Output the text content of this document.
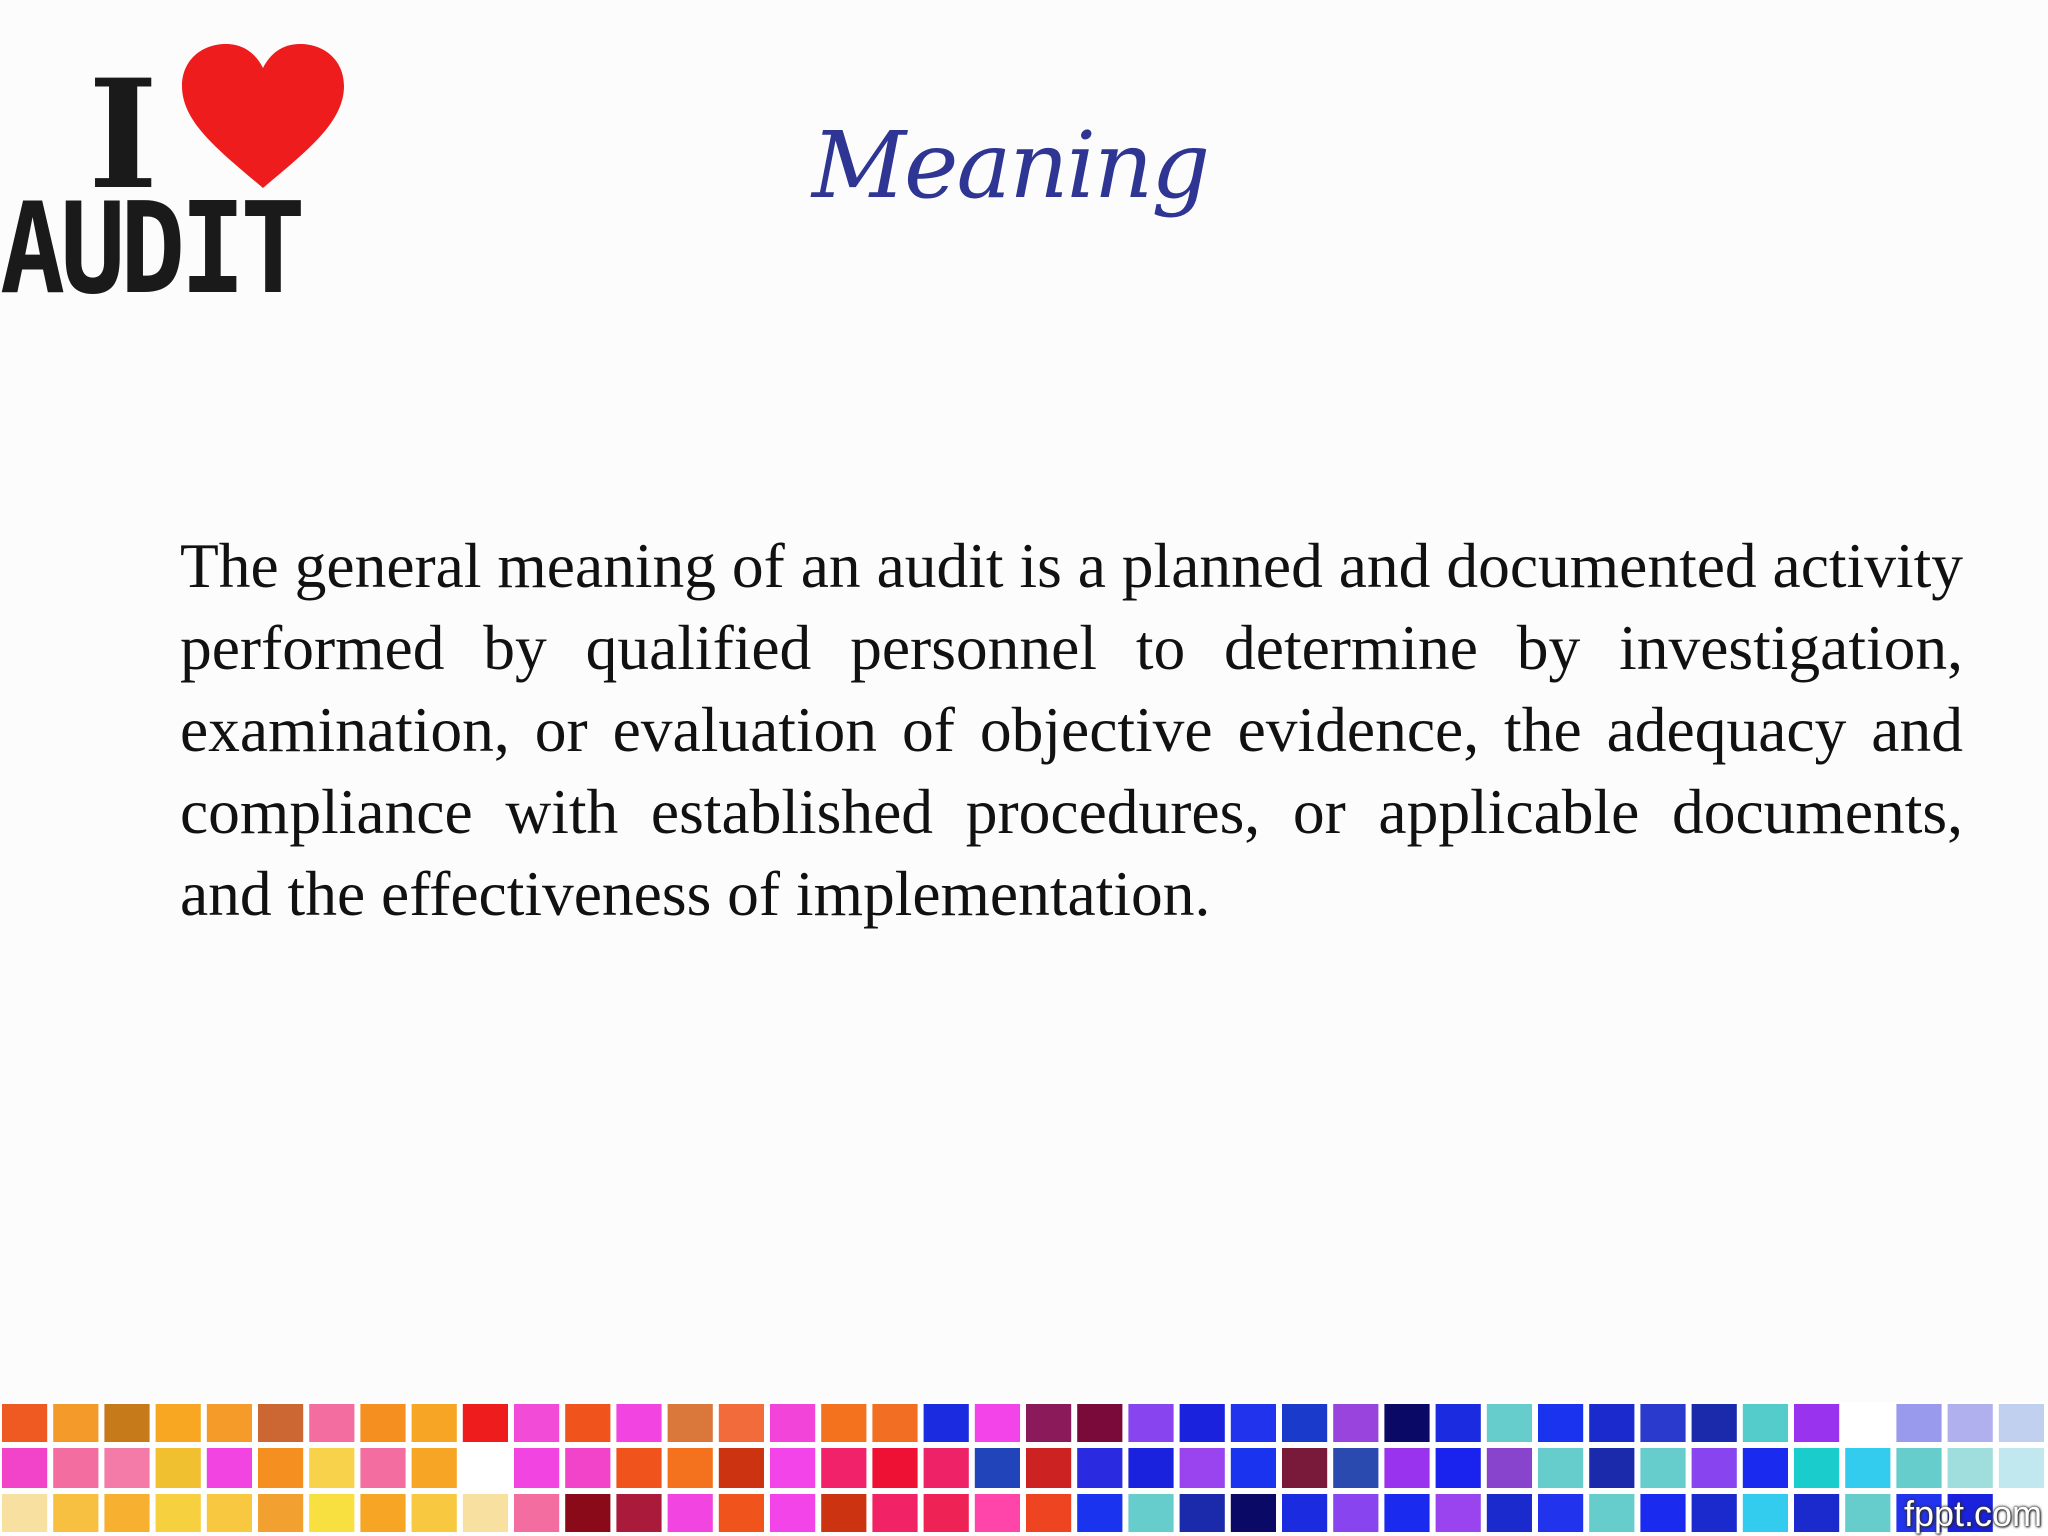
I
AUDIT
Meaning

The general meaning of an audit is a planned and documented activity performed by qualified personnel to determine by investigation, examination, or evaluation of objective evidence, the adequacy and compliance with established procedures, or applicable documents, and the effectiveness of implementation.

fppt.com
